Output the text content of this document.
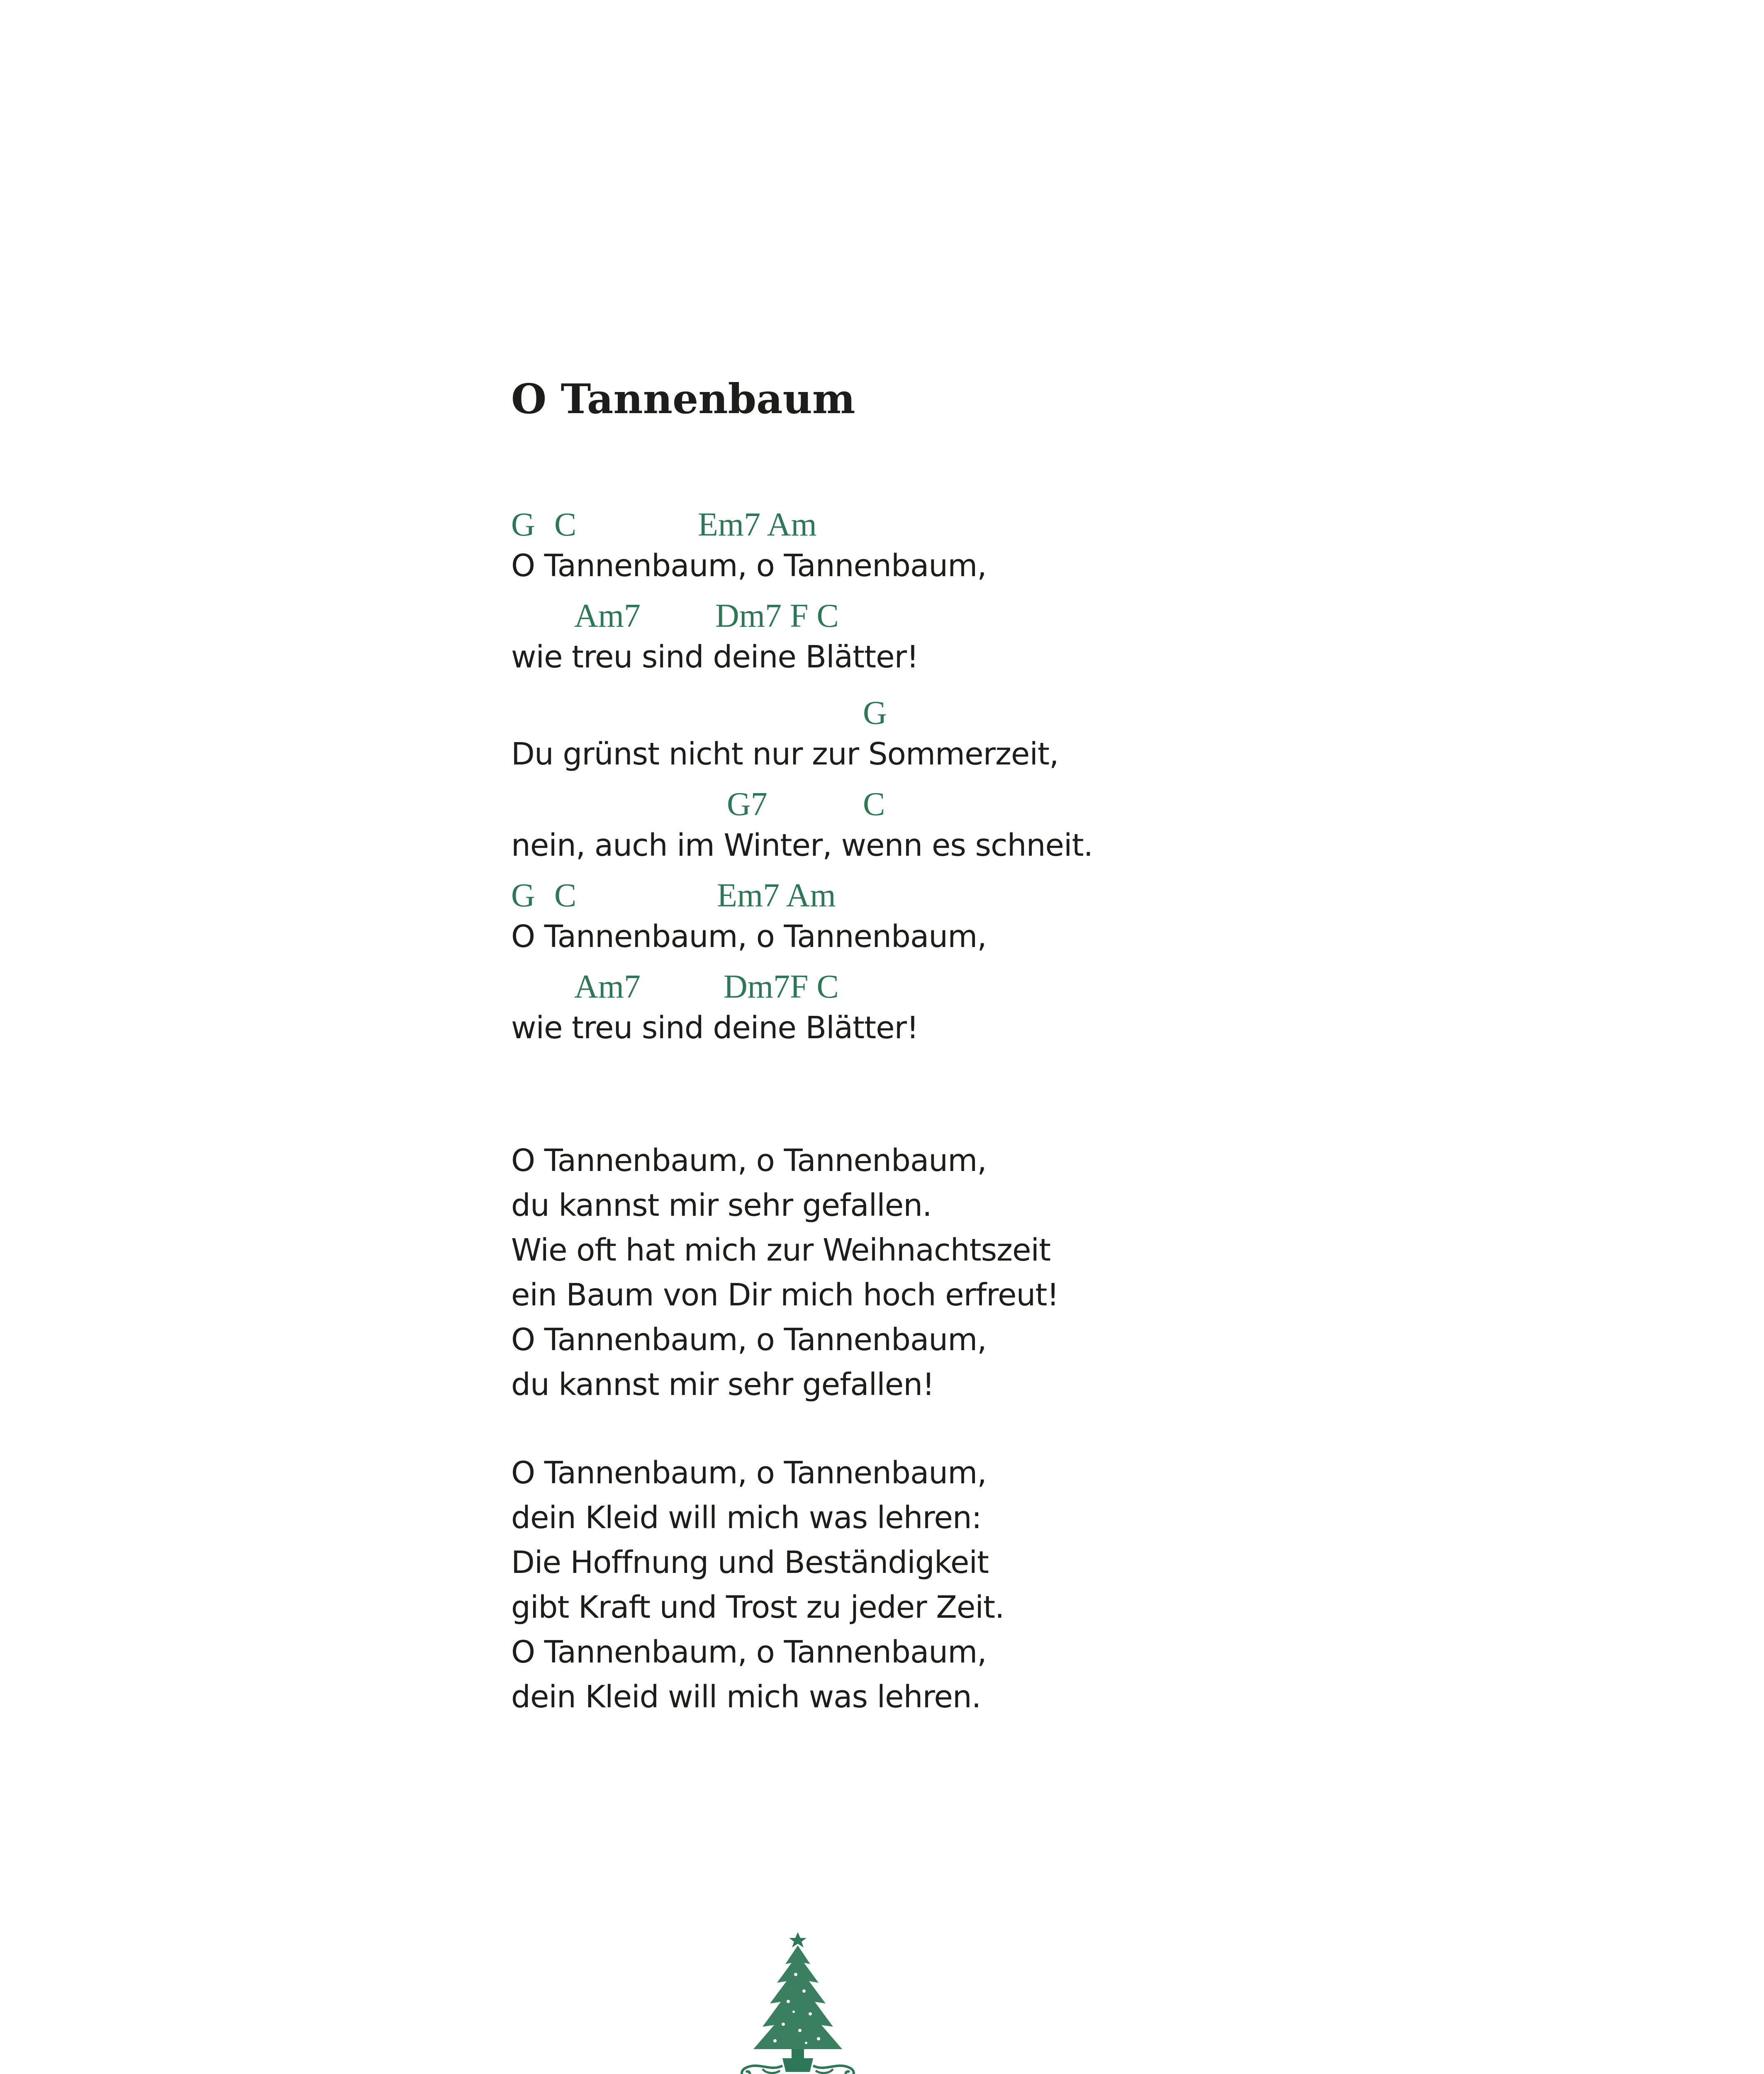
O Tannenbaum
G C	Em7 Am
O Tannenbaum, o Tannenbaum,
Am7 Dm7 F C
wie treu sind deine Blätter!
G
Du grünst nicht nur zur Sommerzeit,
G7	C
nein, auch im Winter, wenn es schneit.
G C	Em7 Am
O Tannenbaum, o Tannenbaum,
Am7	Dm7F C
wie treu sind deine Blätter!
O Tannenbaum, o Tannenbaum,
du kannst mir sehr gefallen.
Wie oft hat mich zur Weihnachtszeit
ein Baum von Dir mich hoch erfreut!
O Tannenbaum, o Tannenbaum,
du kannst mir sehr gefallen!
O Tannenbaum, o Tannenbaum,
dein Kleid will mich was lehren:
Die Hoffnung und Beständigkeit
gibt Kraft und Trost zu jeder Zeit.
O Tannenbaum, o Tannenbaum,
dein Kleid will mich was lehren.
